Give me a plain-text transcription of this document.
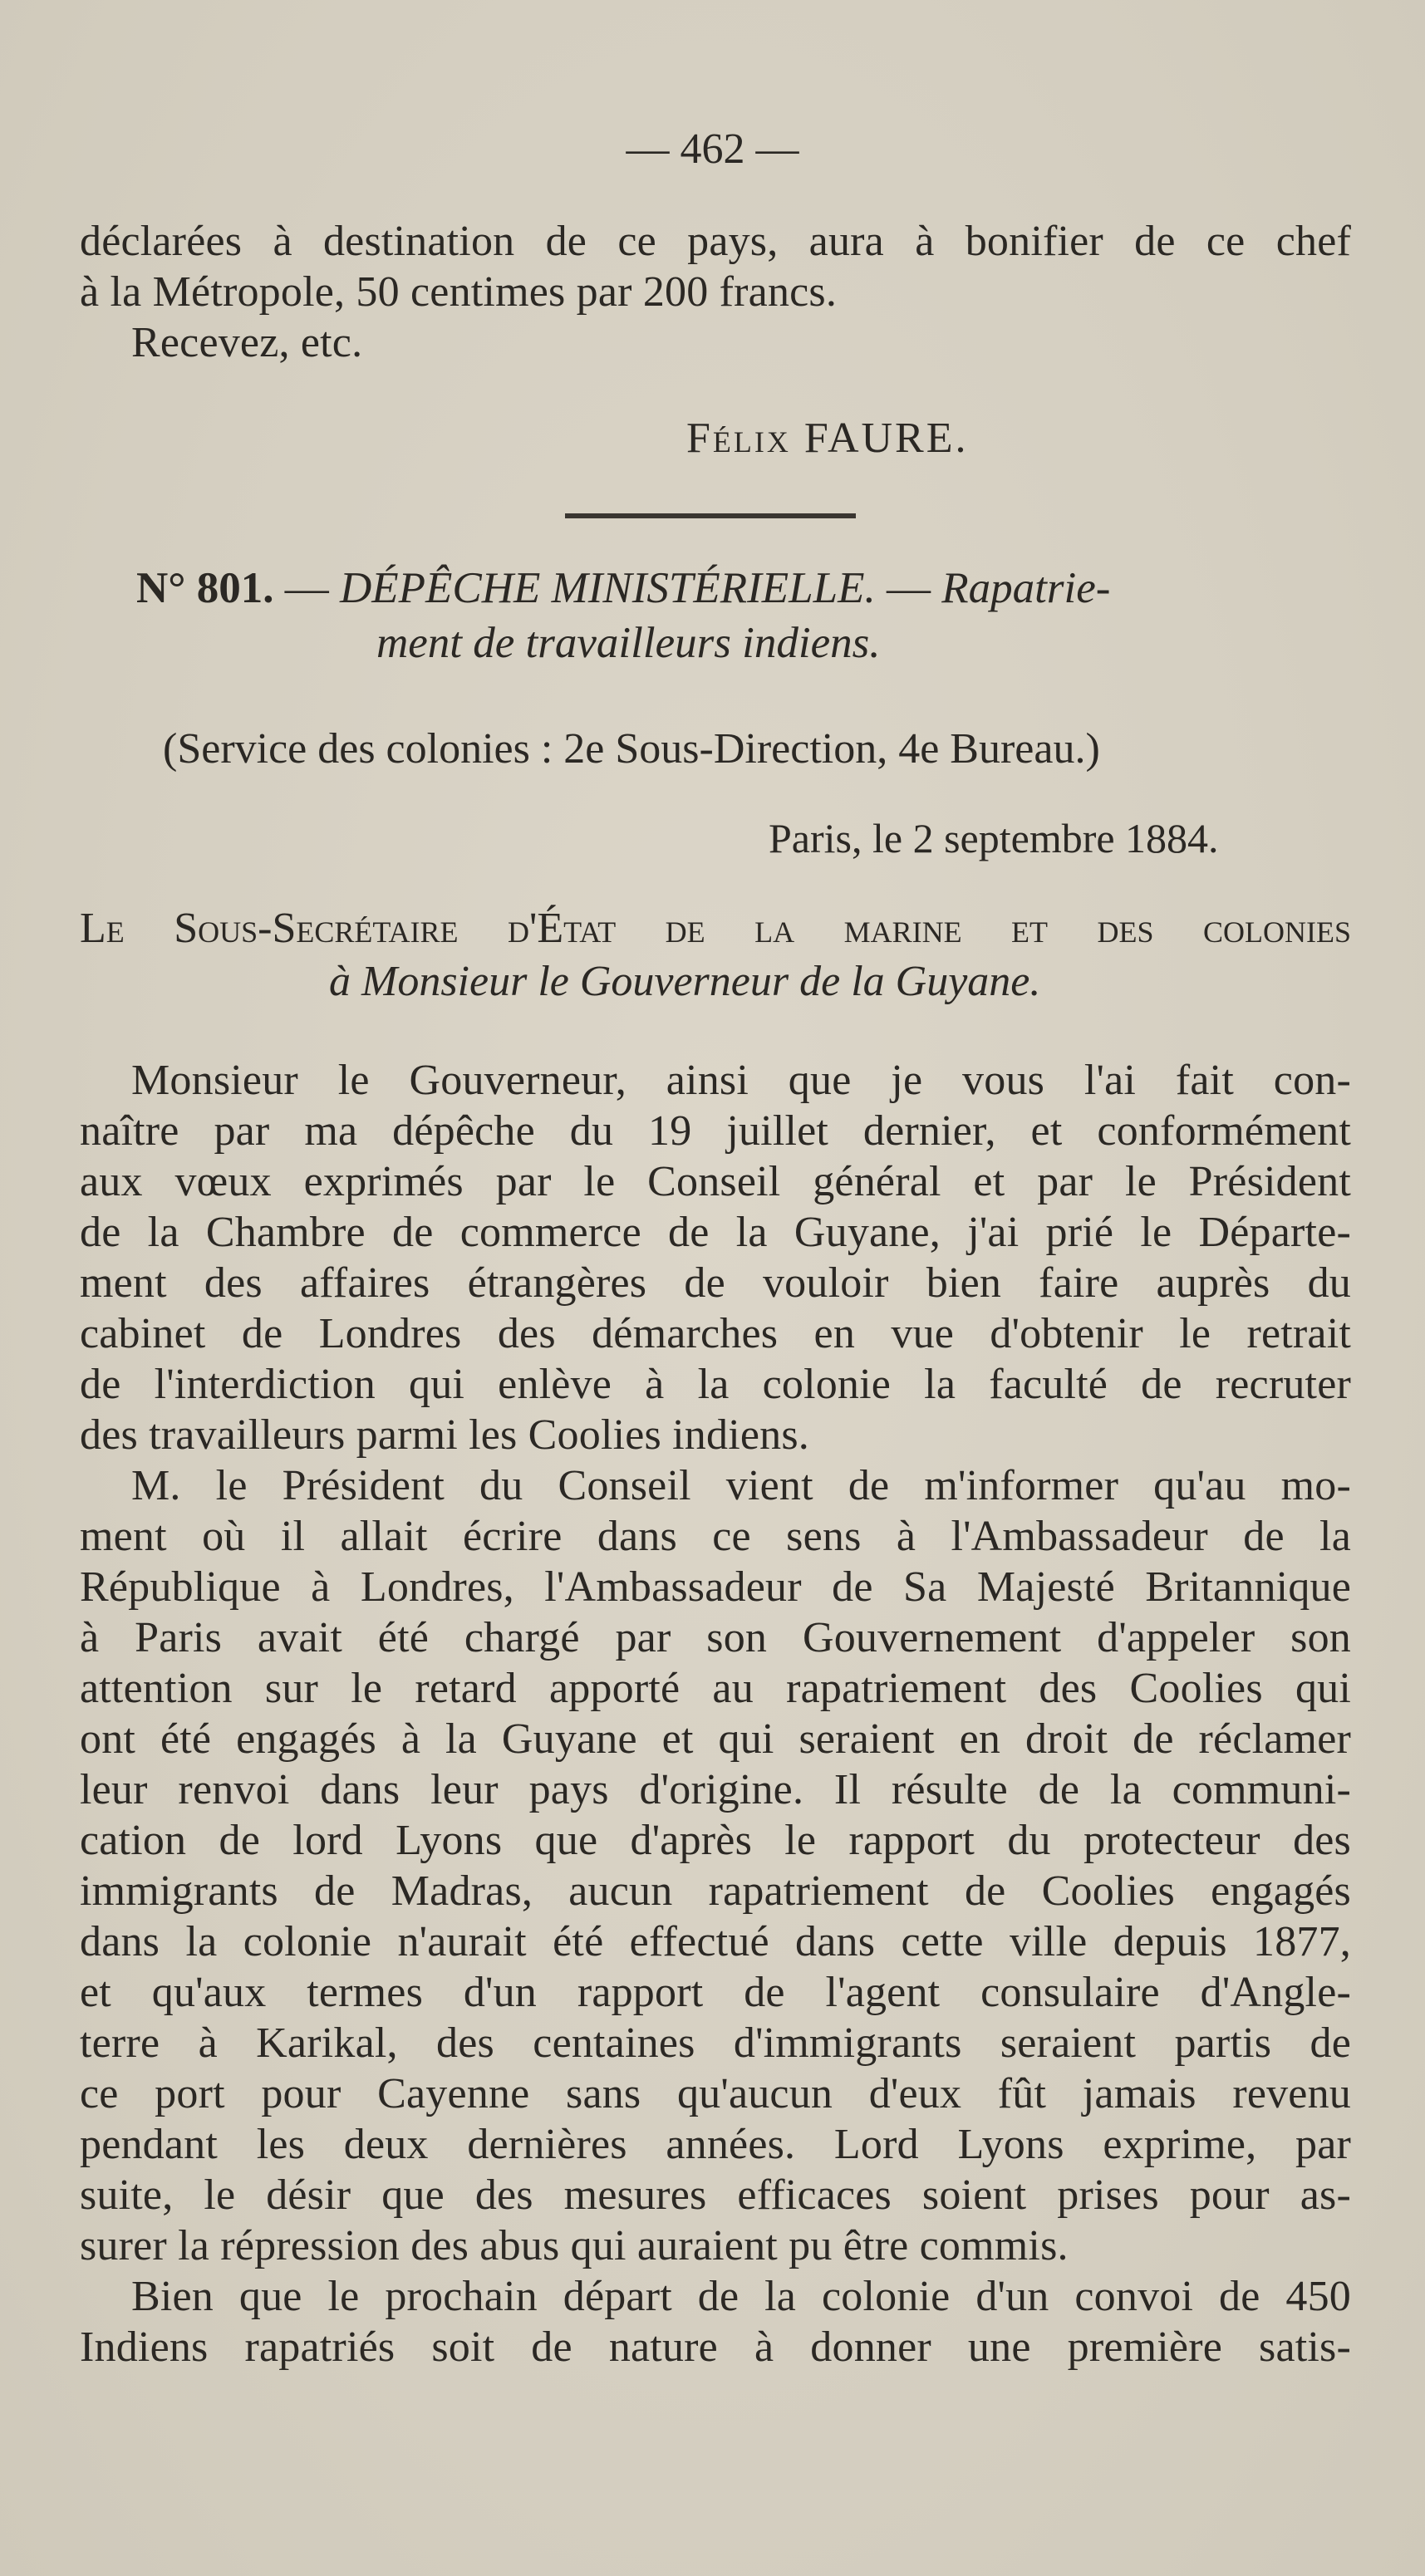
— 462 —
déclarées à destination de ce pays, aura à bonifier de ce chef
à la Métropole, 50 centimes par 200 francs.
Recevez, etc.
Félix FAURE.
N° 801. — DÉPÊCHE MINISTÉRIELLE. — Rapatrie-
ment de travailleurs indiens.
(Service des colonies : 2e Sous-Direction, 4e Bureau.)
Paris, le 2 septembre 1884.
Le Sous-Secrétaire d'État de la marine et des colonies
à Monsieur le Gouverneur de la Guyane.
Monsieur le Gouverneur, ainsi que je vous l'ai fait con-
naître par ma dépêche du 19 juillet dernier, et conformément
aux vœux exprimés par le Conseil général et par le Président
de la Chambre de commerce de la Guyane, j'ai prié le Départe-
ment des affaires étrangères de vouloir bien faire auprès du
cabinet de Londres des démarches en vue d'obtenir le retrait
de l'interdiction qui enlève à la colonie la faculté de recruter
des travailleurs parmi les Coolies indiens.
M. le Président du Conseil vient de m'informer qu'au mo-
ment où il allait écrire dans ce sens à l'Ambassadeur de la
République à Londres, l'Ambassadeur de Sa Majesté Britannique
à Paris avait été chargé par son Gouvernement d'appeler son
attention sur le retard apporté au rapatriement des Coolies qui
ont été engagés à la Guyane et qui seraient en droit de réclamer
leur renvoi dans leur pays d'origine. Il résulte de la communi-
cation de lord Lyons que d'après le rapport du protecteur des
immigrants de Madras, aucun rapatriement de Coolies engagés
dans la colonie n'aurait été effectué dans cette ville depuis 1877,
et qu'aux termes d'un rapport de l'agent consulaire d'Angle-
terre à Karikal, des centaines d'immigrants seraient partis de
ce port pour Cayenne sans qu'aucun d'eux fût jamais revenu
pendant les deux dernières années. Lord Lyons exprime, par
suite, le désir que des mesures efficaces soient prises pour as-
surer la répression des abus qui auraient pu être commis.
Bien que le prochain départ de la colonie d'un convoi de 450
Indiens rapatriés soit de nature à donner une première satis-
